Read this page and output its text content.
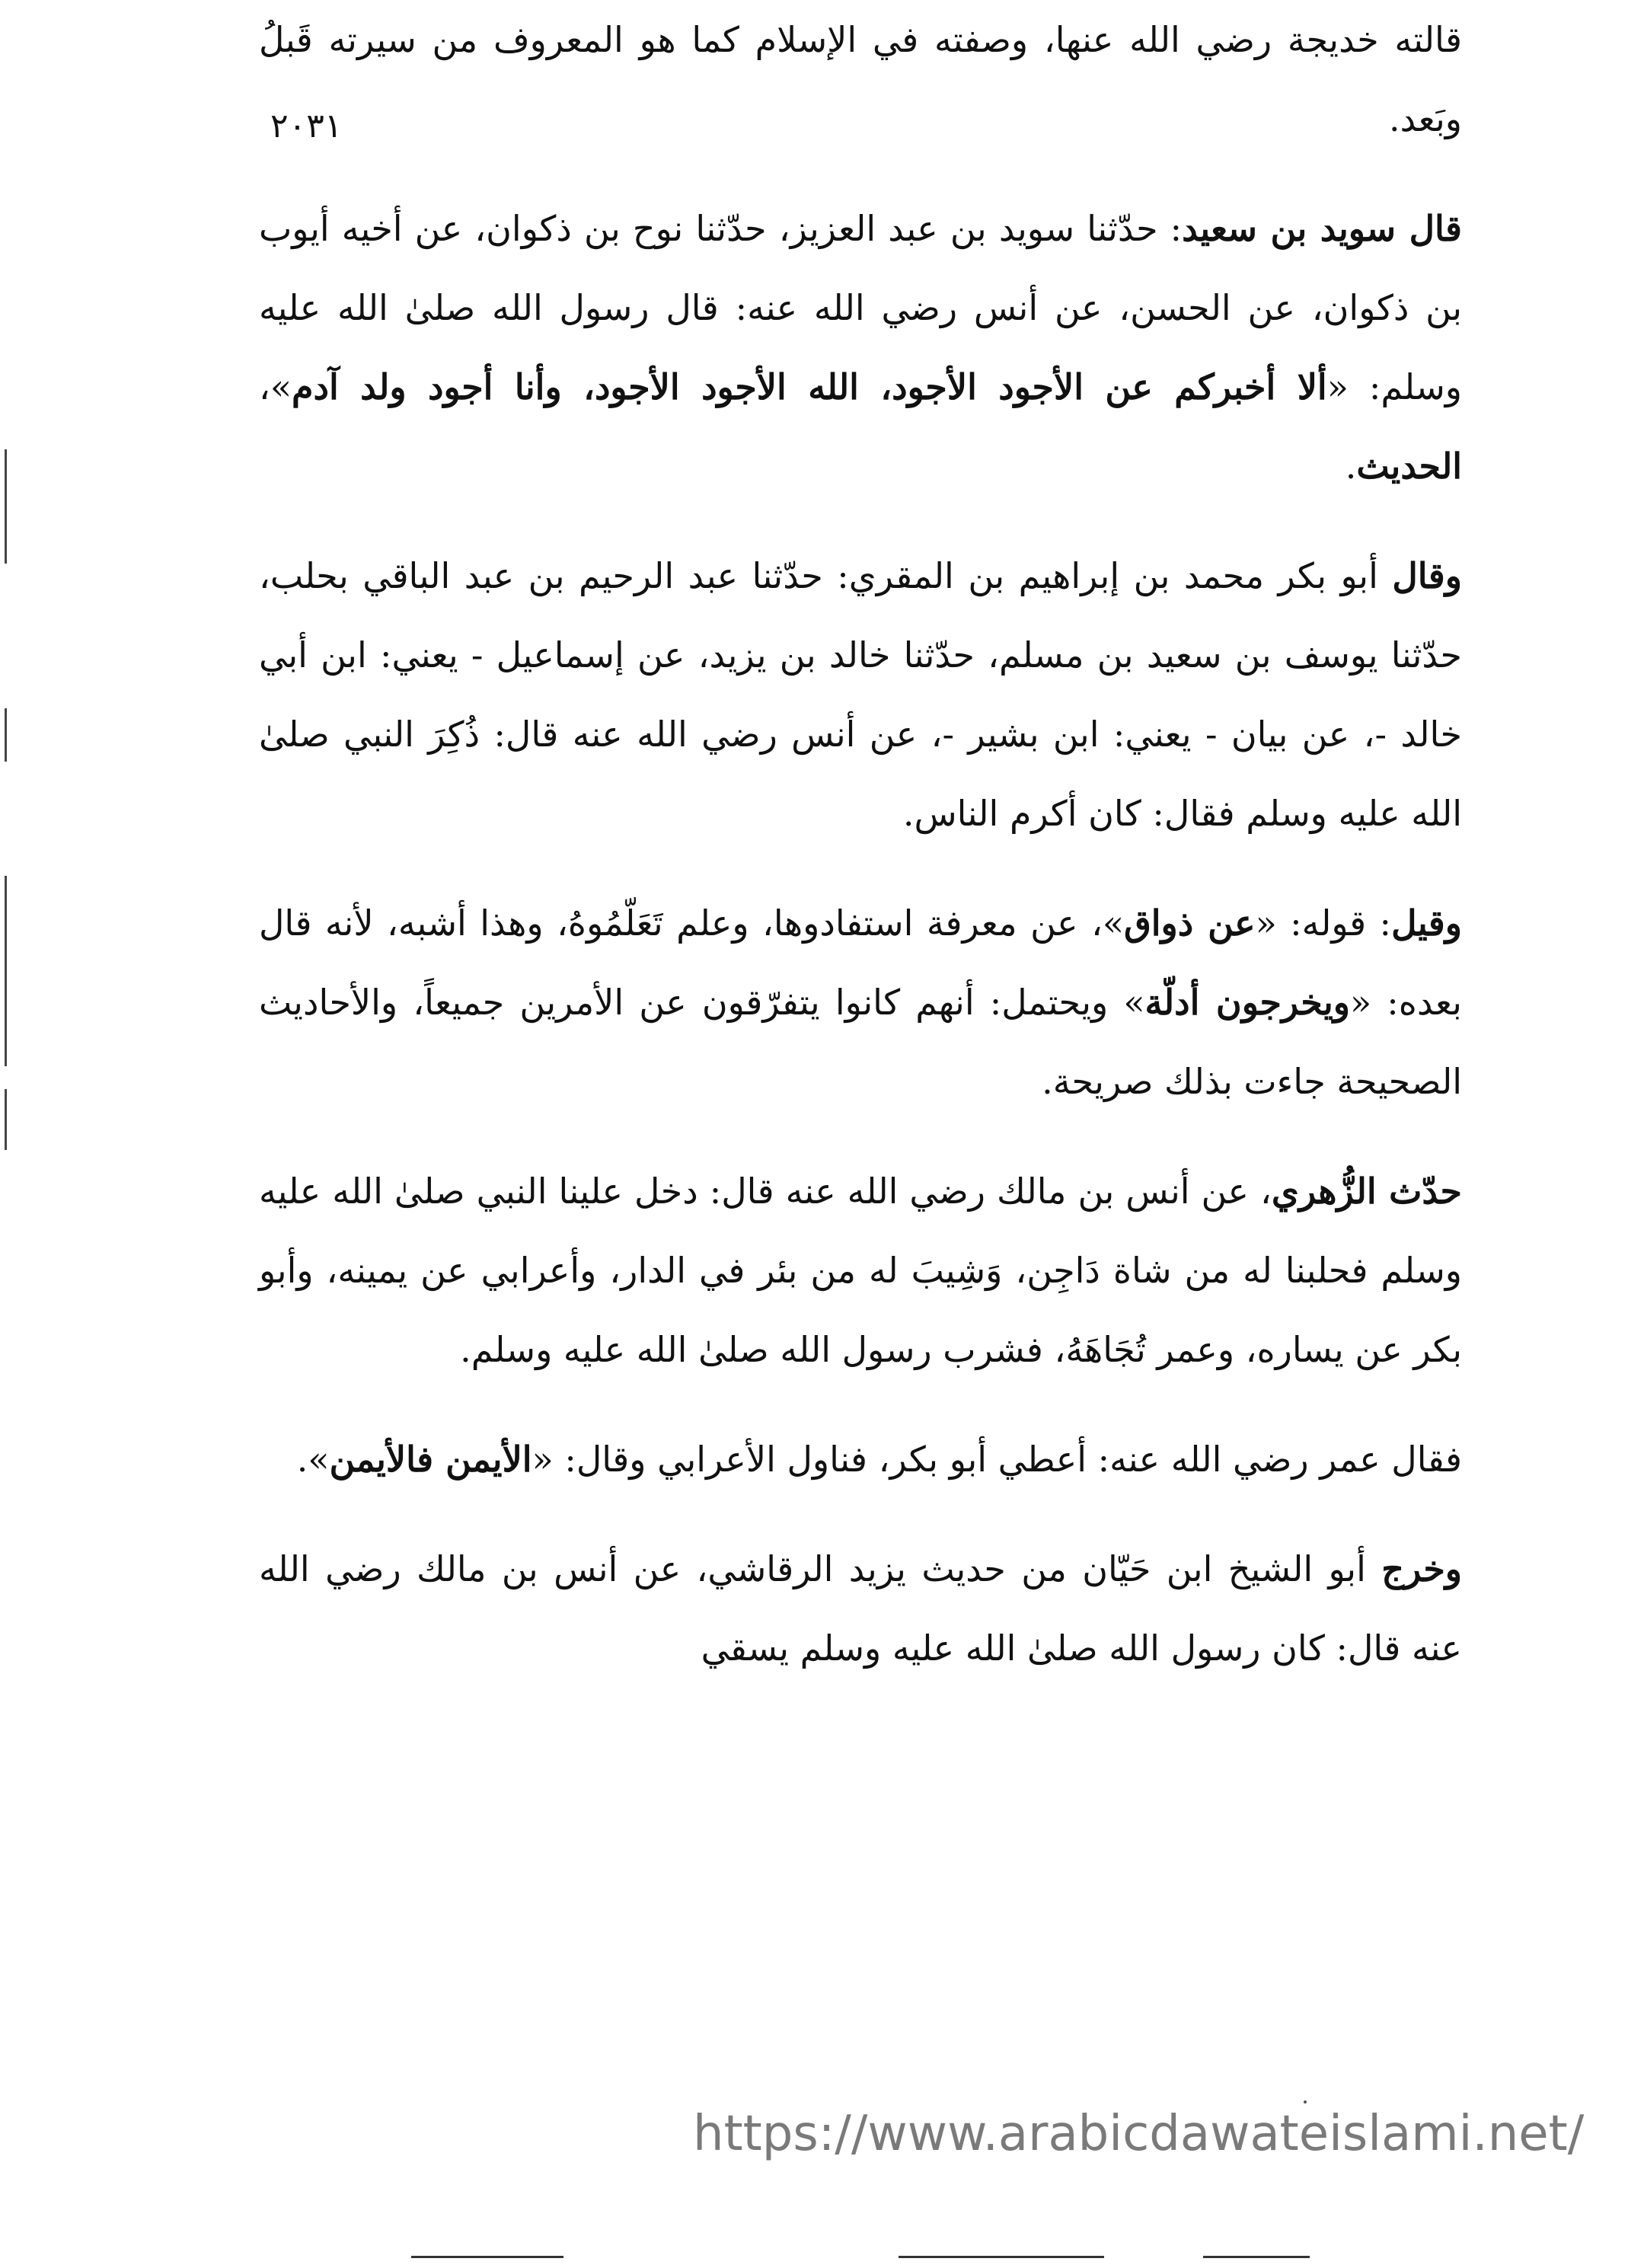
٢٠٣١

قالته خديجة رضي الله عنها، وصفته في الإسلام كما هو المعروف من سيرته قَبلُ وبَعد.

قال سويد بن سعيد: حدّثنا سويد بن عبد العزيز، حدّثنا نوح بن ذكوان، عن أخيه أيوب بن ذكوان، عن الحسن، عن أنس رضي الله عنه: قال رسول الله صلىٰ الله عليه وسلم: «ألا أخبركم عن الأجود الأجود، الله الأجود الأجود، وأنا أجود ولد آدم»، الحديث.

وقال أبو بكر محمد بن إبراهيم بن المقري: حدّثنا عبد الرحيم بن عبد الباقي بحلب، حدّثنا يوسف بن سعيد بن مسلم، حدّثنا خالد بن يزيد، عن إسماعيل - يعني: ابن أبي خالد -، عن بيان - يعني: ابن بشير -، عن أنس رضي الله عنه قال: ذُكِرَ النبي صلىٰ الله عليه وسلم فقال: كان أكرم الناس.

وقيل: قوله: «عن ذواق»، عن معرفة استفادوها، وعلم تَعَلّمُوهُ، وهذا أشبه، لأنه قال بعده: «ويخرجون أدلّة» ويحتمل: أنهم كانوا يتفرّقون عن الأمرين جميعاً، والأحاديث الصحيحة جاءت بذلك صريحة.

حدّث الزُّهري، عن أنس بن مالك رضي الله عنه قال: دخل علينا النبي صلىٰ الله عليه وسلم فحلبنا له من شاة دَاجِن، وَشِيبَ له من بئر في الدار، وأعرابي عن يمينه، وأبو بكر عن يساره، وعمر تُجَاهَهُ، فشرب رسول الله صلىٰ الله عليه وسلم.

فقال عمر رضي الله عنه: أعطي أبو بكر، فناول الأعرابي وقال: «الأيمن فالأيمن».

وخرج أبو الشيخ ابن حَيّان من حديث يزيد الرقاشي، عن أنس بن مالك رضي الله عنه قال: كان رسول الله صلىٰ الله عليه وسلم يسقي

https://www.arabicdawateislami.net/
